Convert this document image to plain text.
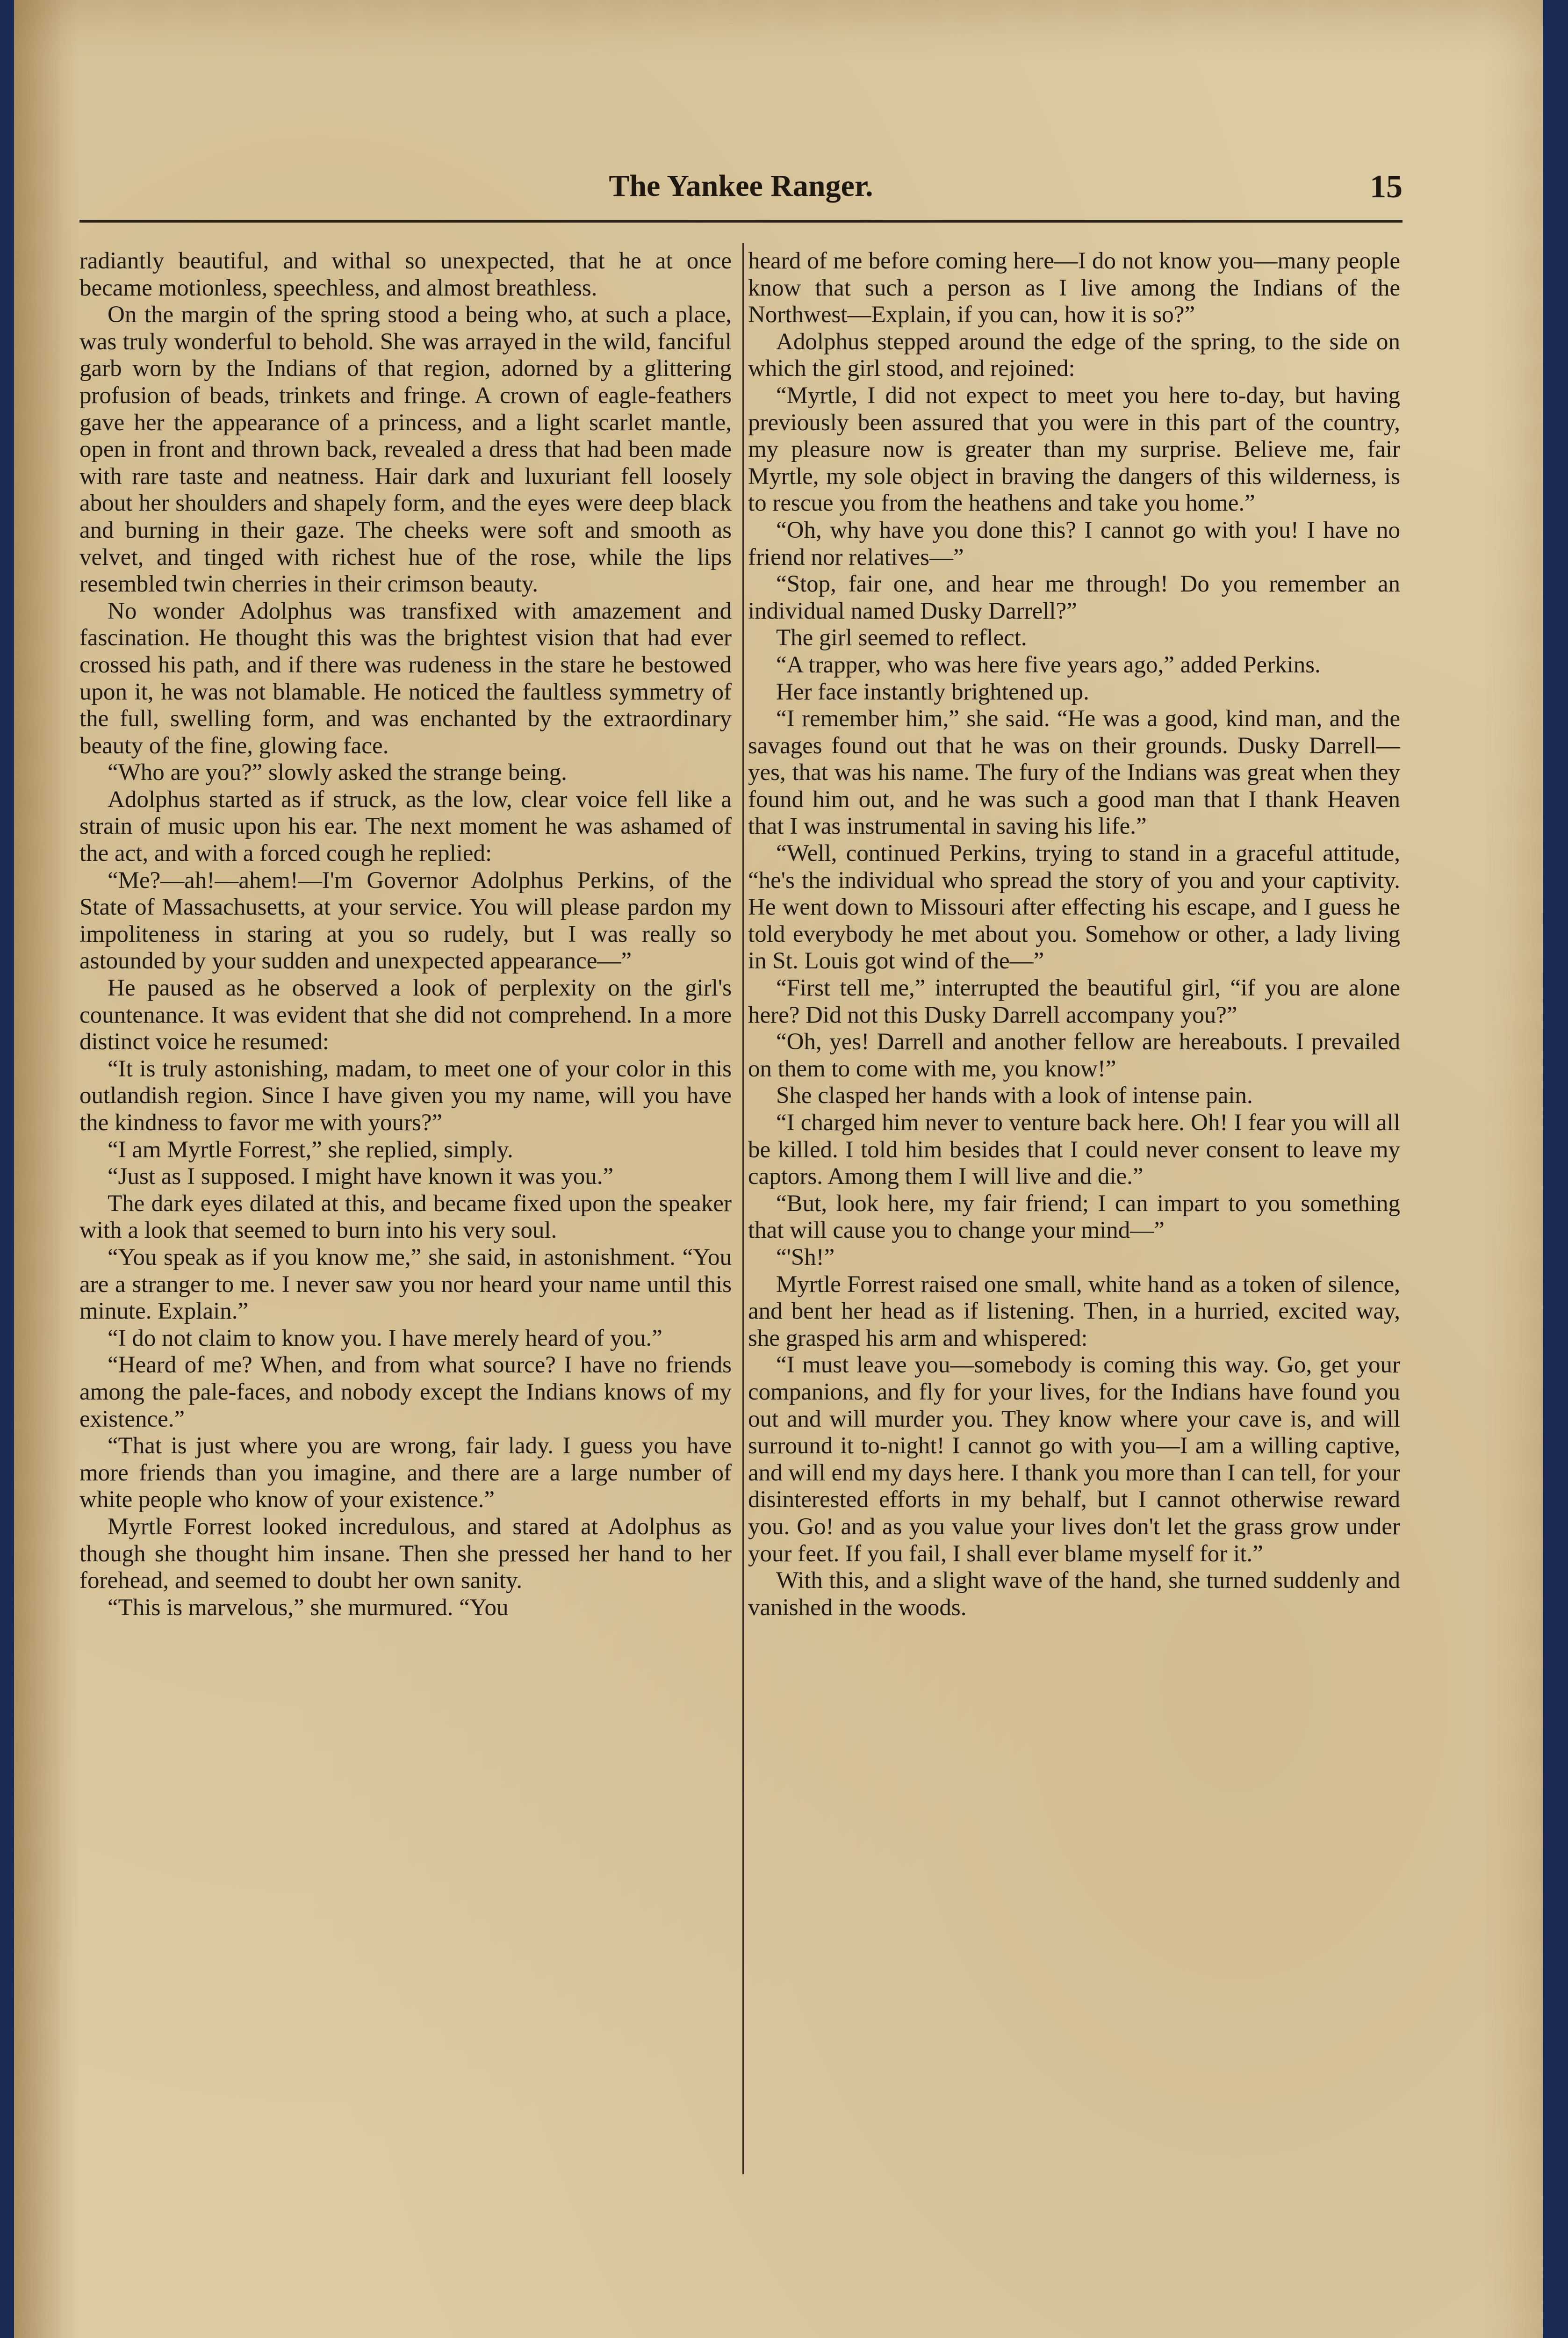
The Yankee Ranger.	15

radiantly beautiful, and withal so unexpected, that he at once became motionless, speechless, and almost breathless.

On the margin of the spring stood a being who, at such a place, was truly wonderful to behold. She was arrayed in the wild, fanciful garb worn by the Indians of that region, adorned by a glittering profusion of beads, trinkets and fringe. A crown of eagle-feathers gave her the appearance of a princess, and a light scarlet mantle, open in front and thrown back, revealed a dress that had been made with rare taste and neatness. Hair dark and luxuriant fell loosely about her shoulders and shapely form, and the eyes were deep black and burning in their gaze. The cheeks were soft and smooth as velvet, and tinged with richest hue of the rose, while the lips resembled twin cherries in their crimson beauty.

No wonder Adolphus was transfixed with amazement and fascination. He thought this was the brightest vision that had ever crossed his path, and if there was rudeness in the stare he bestowed upon it, he was not blamable. He noticed the faultless symmetry of the full, swelling form, and was enchanted by the extraordinary beauty of the fine, glowing face.

“Who are you?” slowly asked the strange being.

Adolphus started as if struck, as the low, clear voice fell like a strain of music upon his ear. The next moment he was ashamed of the act, and with a forced cough he replied:

“Me?—ah!—ahem!—I'm Governor Adolphus Perkins, of the State of Massachusetts, at your service. You will please pardon my impoliteness in staring at you so rudely, but I was really so astounded by your sudden and unexpected appearance—”

He paused as he observed a look of perplexity on the girl's countenance. It was evident that she did not comprehend. In a more distinct voice he resumed:

“It is truly astonishing, madam, to meet one of your color in this outlandish region. Since I have given you my name, will you have the kindness to favor me with yours?”

“I am Myrtle Forrest,” she replied, simply.

“Just as I supposed. I might have known it was you.”

The dark eyes dilated at this, and became fixed upon the speaker with a look that seemed to burn into his very soul.

“You speak as if you know me,” she said, in astonishment. “You are a stranger to me. I never saw you nor heard your name until this minute. Explain.”

“I do not claim to know you. I have merely heard of you.”

“Heard of me? When, and from what source? I have no friends among the pale-faces, and nobody except the Indians knows of my existence.”

“That is just where you are wrong, fair lady. I guess you have more friends than you imagine, and there are a large number of white people who know of your existence.”

Myrtle Forrest looked incredulous, and stared at Adolphus as though she thought him insane. Then she pressed her hand to her forehead, and seemed to doubt her own sanity.

“This is marvelous,” she murmured. “You

heard of me before coming here—I do not know you—many people know that such a person as I live among the Indians of the Northwest—Explain, if you can, how it is so?”

Adolphus stepped around the edge of the spring, to the side on which the girl stood, and rejoined:

“Myrtle, I did not expect to meet you here to-day, but having previously been assured that you were in this part of the country, my pleasure now is greater than my surprise. Believe me, fair Myrtle, my sole object in braving the dangers of this wilderness, is to rescue you from the heathens and take you home.”

“Oh, why have you done this? I cannot go with you! I have no friend nor relatives—”

“Stop, fair one, and hear me through! Do you remember an individual named Dusky Darrell?”

The girl seemed to reflect.

“A trapper, who was here five years ago,” added Perkins.

Her face instantly brightened up.

“I remember him,” she said. “He was a good, kind man, and the savages found out that he was on their grounds. Dusky Darrell—yes, that was his name. The fury of the Indians was great when they found him out, and he was such a good man that I thank Heaven that I was instrumental in saving his life.”

“Well, continued Perkins, trying to stand in a graceful attitude, “he's the individual who spread the story of you and your captivity. He went down to Missouri after effecting his escape, and I guess he told everybody he met about you. Somehow or other, a lady living in St. Louis got wind of the—”

“First tell me,” interrupted the beautiful girl, “if you are alone here? Did not this Dusky Darrell accompany you?”

“Oh, yes! Darrell and another fellow are hereabouts. I prevailed on them to come with me, you know!”

She clasped her hands with a look of intense pain.

“I charged him never to venture back here. Oh! I fear you will all be killed. I told him besides that I could never consent to leave my captors. Among them I will live and die.”

“But, look here, my fair friend; I can impart to you something that will cause you to change your mind—”

“'Sh!”

Myrtle Forrest raised one small, white hand as a token of silence, and bent her head as if listening. Then, in a hurried, excited way, she grasped his arm and whispered:

“I must leave you—somebody is coming this way. Go, get your companions, and fly for your lives, for the Indians have found you out and will murder you. They know where your cave is, and will surround it to-night! I cannot go with you—I am a willing captive, and will end my days here. I thank you more than I can tell, for your disinterested efforts in my behalf, but I cannot otherwise reward you. Go! and as you value your lives don't let the grass grow under your feet. If you fail, I shall ever blame myself for it.”

With this, and a slight wave of the hand, she turned suddenly and vanished in the woods.
